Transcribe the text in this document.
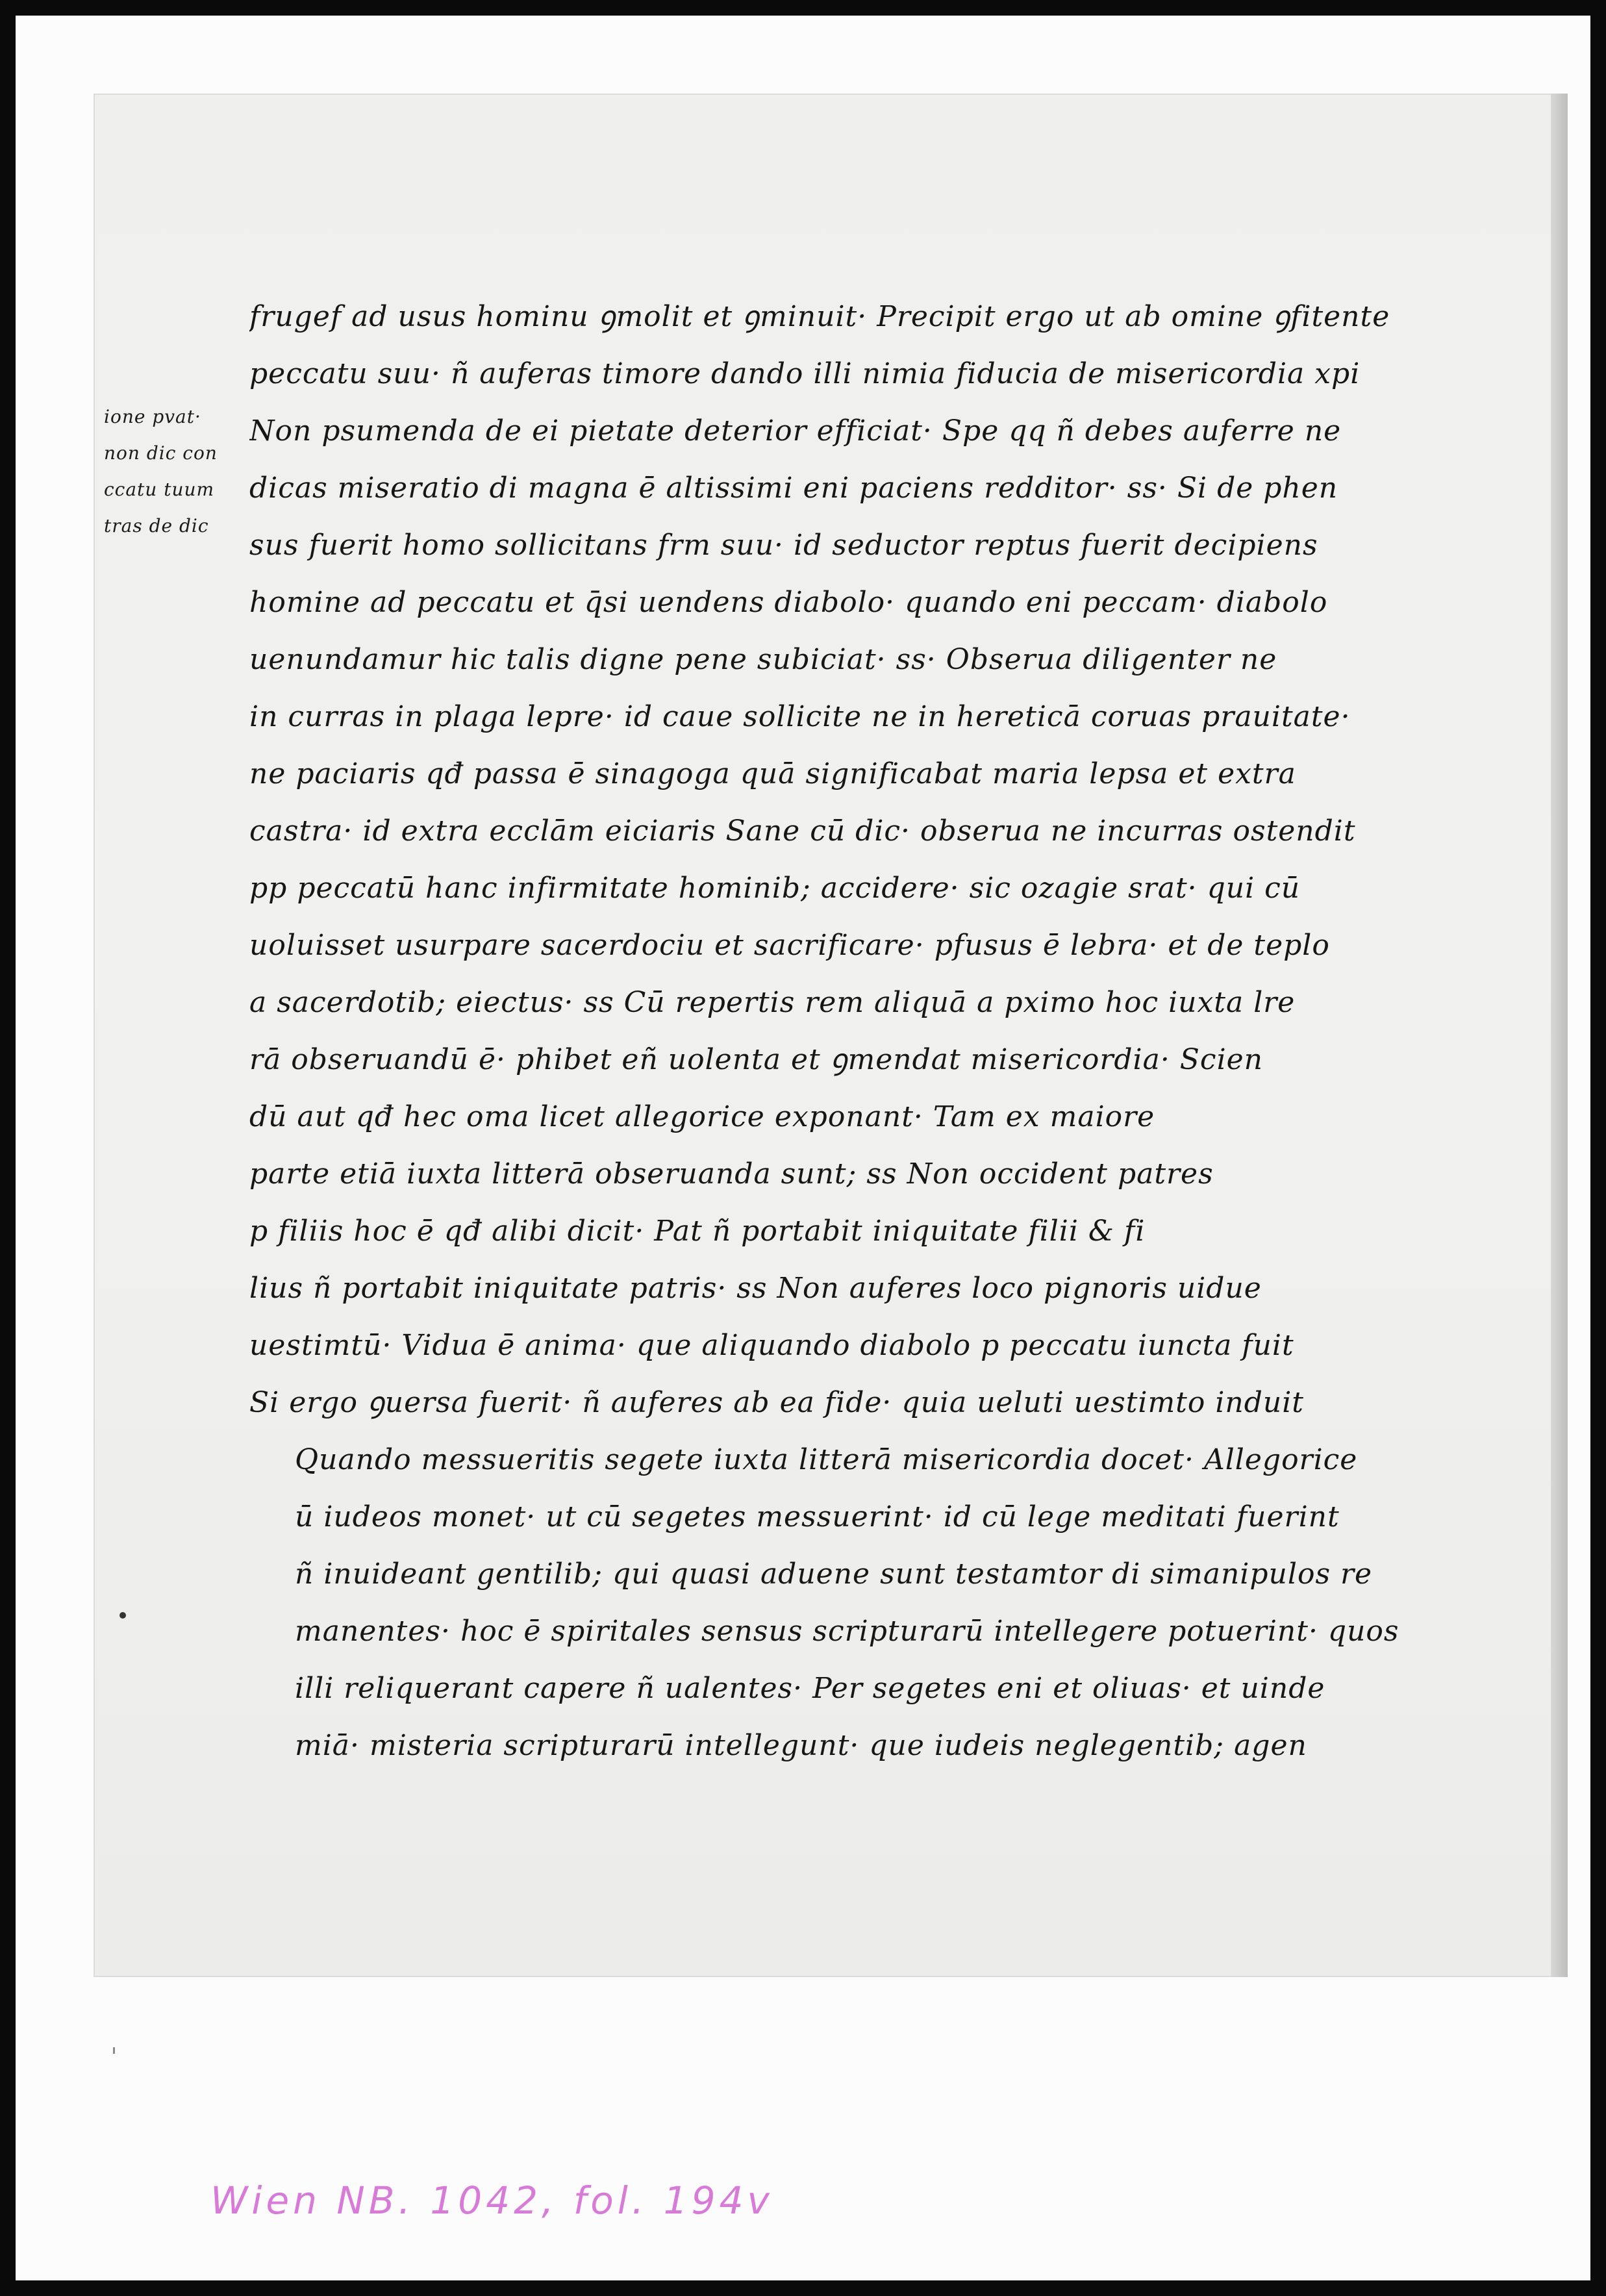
ione pvat·
non dic con
ccatu tuum
tras de dic
frugef ad usus hominu ꝯmolit et ꝯminuit· Precipit ergo ut ab omine ꝯfitente
peccatu suu· ñ auferas timore dando illi nimia fiducia de misericordia xpi
Non psumenda de ei pietate deterior efficiat· Spe qq ñ debes auferre ne
dicas miseratio di magna ē altissimi eni paciens redditor· ss· Si de phen
sus fuerit homo sollicitans frm suu· id seductor reptus fuerit decipiens
homine ad peccatu et q̄si uendens diabolo· quando eni peccam· diabolo
uenundamur hic talis digne pene subiciat· ss· Obserua diligenter ne
in curras in plaga lepre· id caue sollicite ne in hereticā coruas prauitate·
ne paciaris qđ passa ē sinagoga quā significabat maria lepsa et extra
castra· id extra ecclām eiciaris Sane cū dic· obserua ne incurras ostendit
pp peccatū hanc infirmitate hominib; accidere· sic ozagie srat· qui cū
uoluisset usurpare sacerdociu et sacrificare· pfusus ē lebra· et de teplo
a sacerdotib; eiectus· ss Cū repertis rem aliquā a pximo hoc iuxta lre
rā obseruandū ē· phibet eñ uolenta et ꝯmendat misericordia· Scien
dū aut qđ hec oma licet allegorice exponant· Tam ex maiore
parte etiā iuxta litterā obseruanda sunt; ss Non occident patres
p filiis hoc ē qđ alibi dicit· Pat ñ portabit iniquitate filii & fi
lius ñ portabit iniquitate patris· ss Non auferes loco pignoris uidue
uestimtū· Vidua ē anima· que aliquando diabolo p peccatu iuncta fuit
Si ergo ꝯuersa fuerit· ñ auferes ab ea fide· quia ueluti uestimto induit
Quando messueritis segete iuxta litterā misericordia docet· Allegorice
ū iudeos monet· ut cū segetes messuerint· id cū lege meditati fuerint
ñ inuideant gentilib; qui quasi aduene sunt testamtor di simanipulos re
manentes· hoc ē spiritales sensus scripturarū intellegere potuerint· quos
illi reliquerant capere ñ ualentes· Per segetes eni et oliuas· et uinde
miā· misteria scripturarū intellegunt· que iudeis neglegentib; agen
Wien NB. 1042, fol. 194v
